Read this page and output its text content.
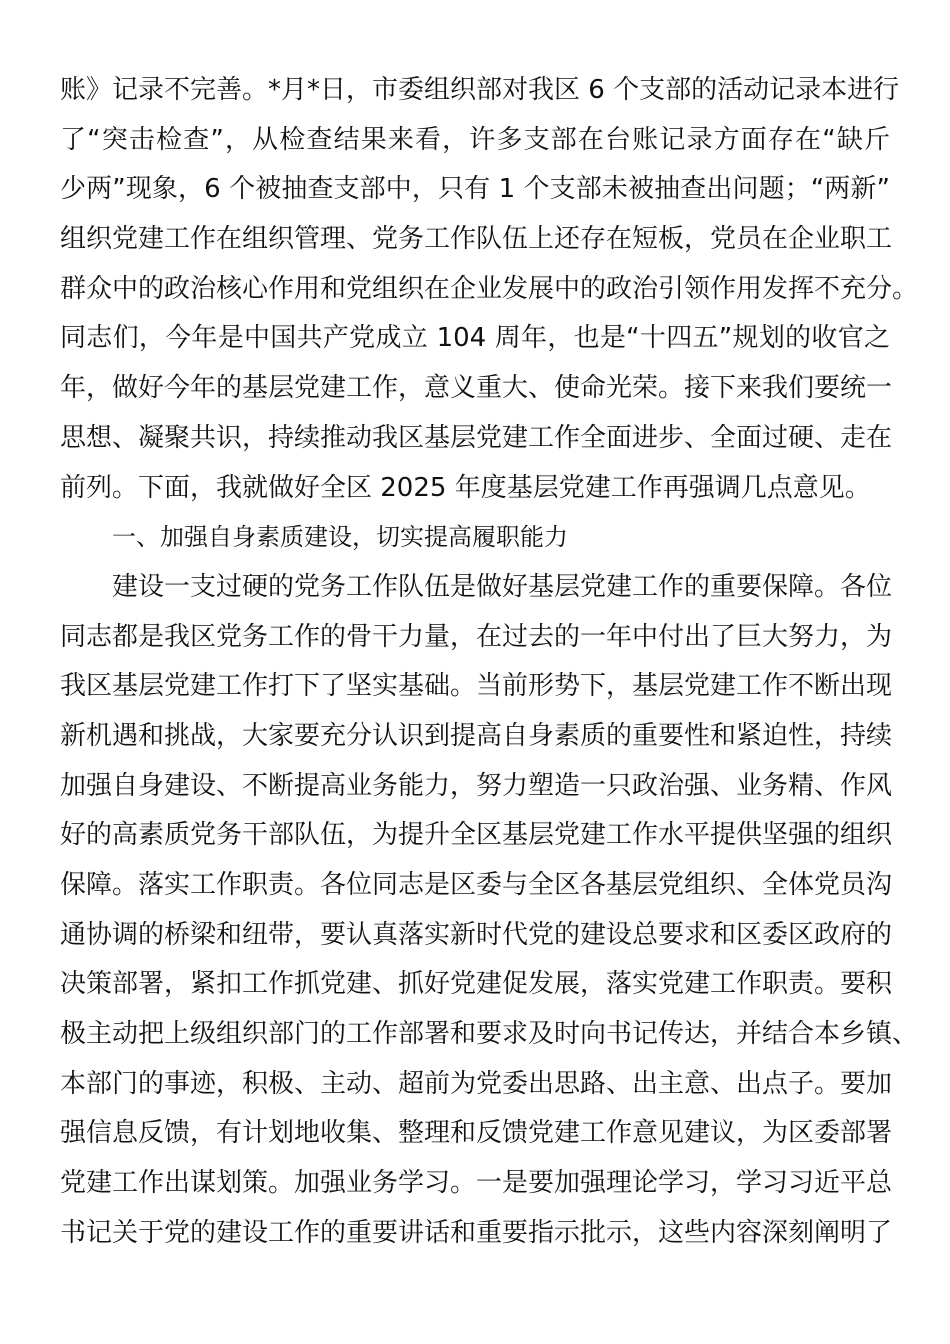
账》记录不完善。*月*日，市委组织部对我区 6 个支部的活动记录本进行
了“突击检查”，从检查结果来看，许多支部在台账记录方面存在“缺斤
少两”现象，6 个被抽查支部中，只有 1 个支部未被抽查出问题；“两新”
组织党建工作在组织管理、党务工作队伍上还存在短板，党员在企业职工
群众中的政治核心作用和党组织在企业发展中的政治引领作用发挥不充分。
同志们，今年是中国共产党成立 104 周年，也是“十四五”规划的收官之
年，做好今年的基层党建工作，意义重大、使命光荣。接下来我们要统一
思想、凝聚共识，持续推动我区基层党建工作全面进步、全面过硬、走在
前列。下面，我就做好全区 2025 年度基层党建工作再强调几点意见。
一、加强自身素质建设，切实提高履职能力
建设一支过硬的党务工作队伍是做好基层党建工作的重要保障。各位
同志都是我区党务工作的骨干力量，在过去的一年中付出了巨大努力，为
我区基层党建工作打下了坚实基础。当前形势下，基层党建工作不断出现
新机遇和挑战，大家要充分认识到提高自身素质的重要性和紧迫性，持续
加强自身建设、不断提高业务能力，努力塑造一只政治强、业务精、作风
好的高素质党务干部队伍，为提升全区基层党建工作水平提供坚强的组织
保障。落实工作职责。各位同志是区委与全区各基层党组织、全体党员沟
通协调的桥梁和纽带，要认真落实新时代党的建设总要求和区委区政府的
决策部署，紧扣工作抓党建、抓好党建促发展，落实党建工作职责。要积
极主动把上级组织部门的工作部署和要求及时向书记传达，并结合本乡镇、
本部门的事迹，积极、主动、超前为党委出思路、出主意、出点子。要加
强信息反馈，有计划地收集、整理和反馈党建工作意见建议，为区委部署
党建工作出谋划策。加强业务学习。一是要加强理论学习，学习习近平总
书记关于党的建设工作的重要讲话和重要指示批示，这些内容深刻阐明了
